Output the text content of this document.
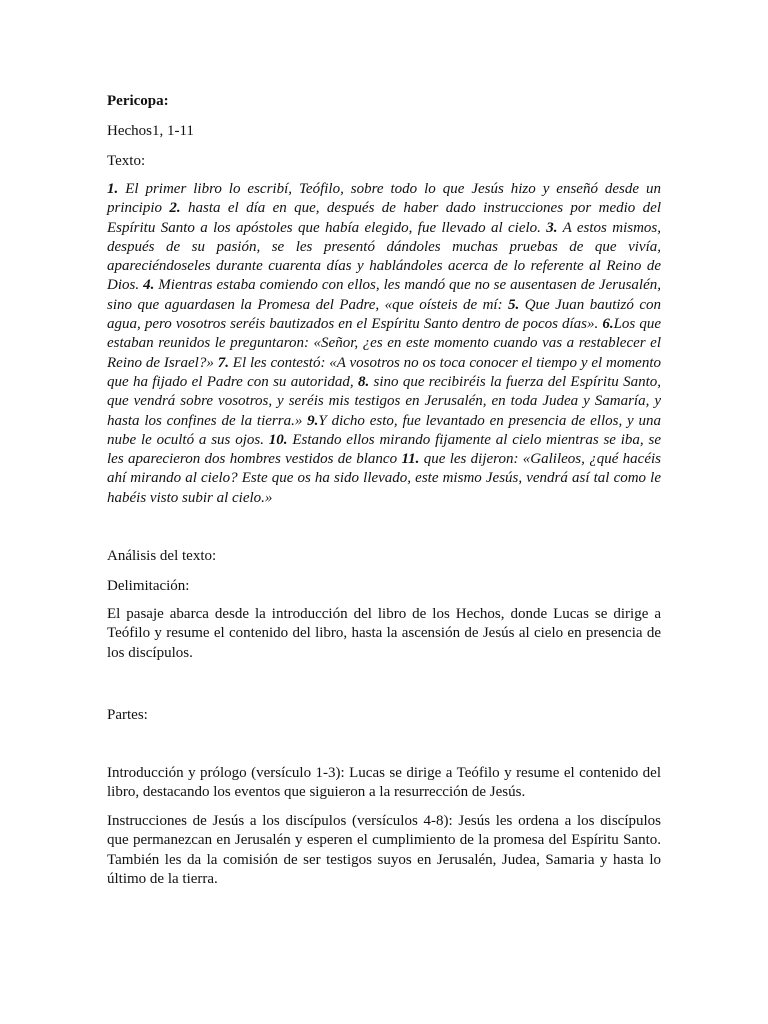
Pericopa:
Hechos1, 1-11
Texto:
1. El primer libro lo escribí, Teófilo, sobre todo lo que Jesús hizo y enseñó desde un principio 2. hasta el día en que, después de haber dado instrucciones por medio del Espíritu Santo a los apóstoles que había elegido, fue llevado al cielo. 3. A estos mismos, después de su pasión, se les presentó dándoles muchas pruebas de que vivía, apareciéndoseles durante cuarenta días y hablándoles acerca de lo referente al Reino de Dios. 4. Mientras estaba comiendo con ellos, les mandó que no se ausentasen de Jerusalén, sino que aguardasen la Promesa del Padre, «que oísteis de mí: 5. Que Juan bautizó con agua, pero vosotros seréis bautizados en el Espíritu Santo dentro de pocos días». 6.Los que estaban reunidos le preguntaron: «Señor, ¿es en este momento cuando vas a restablecer el Reino de Israel?» 7. El les contestó: «A vosotros no os toca conocer el tiempo y el momento que ha fijado el Padre con su autoridad, 8. sino que recibiréis la fuerza del Espíritu Santo, que vendrá sobre vosotros, y seréis mis testigos en Jerusalén, en toda Judea y Samaría, y hasta los confines de la tierra.» 9.Y dicho esto, fue levantado en presencia de ellos, y una nube le ocultó a sus ojos. 10. Estando ellos mirando fijamente al cielo mientras se iba, se les aparecieron dos hombres vestidos de blanco 11. que les dijeron: «Galileos, ¿qué hacéis ahí mirando al cielo? Este que os ha sido llevado, este mismo Jesús, vendrá así tal como le habéis visto subir al cielo.»
Análisis del texto:
Delimitación:
El pasaje abarca desde la introducción del libro de los Hechos, donde Lucas se dirige a Teófilo y resume el contenido del libro, hasta la ascensión de Jesús al cielo en presencia de los discípulos.
Partes:
Introducción y prólogo (versículo 1-3): Lucas se dirige a Teófilo y resume el contenido del libro, destacando los eventos que siguieron a la resurrección de Jesús.
Instrucciones de Jesús a los discípulos (versículos 4-8): Jesús les ordena a los discípulos que permanezcan en Jerusalén y esperen el cumplimiento de la promesa del Espíritu Santo. También les da la comisión de ser testigos suyos en Jerusalén, Judea, Samaria y hasta lo último de la tierra.
